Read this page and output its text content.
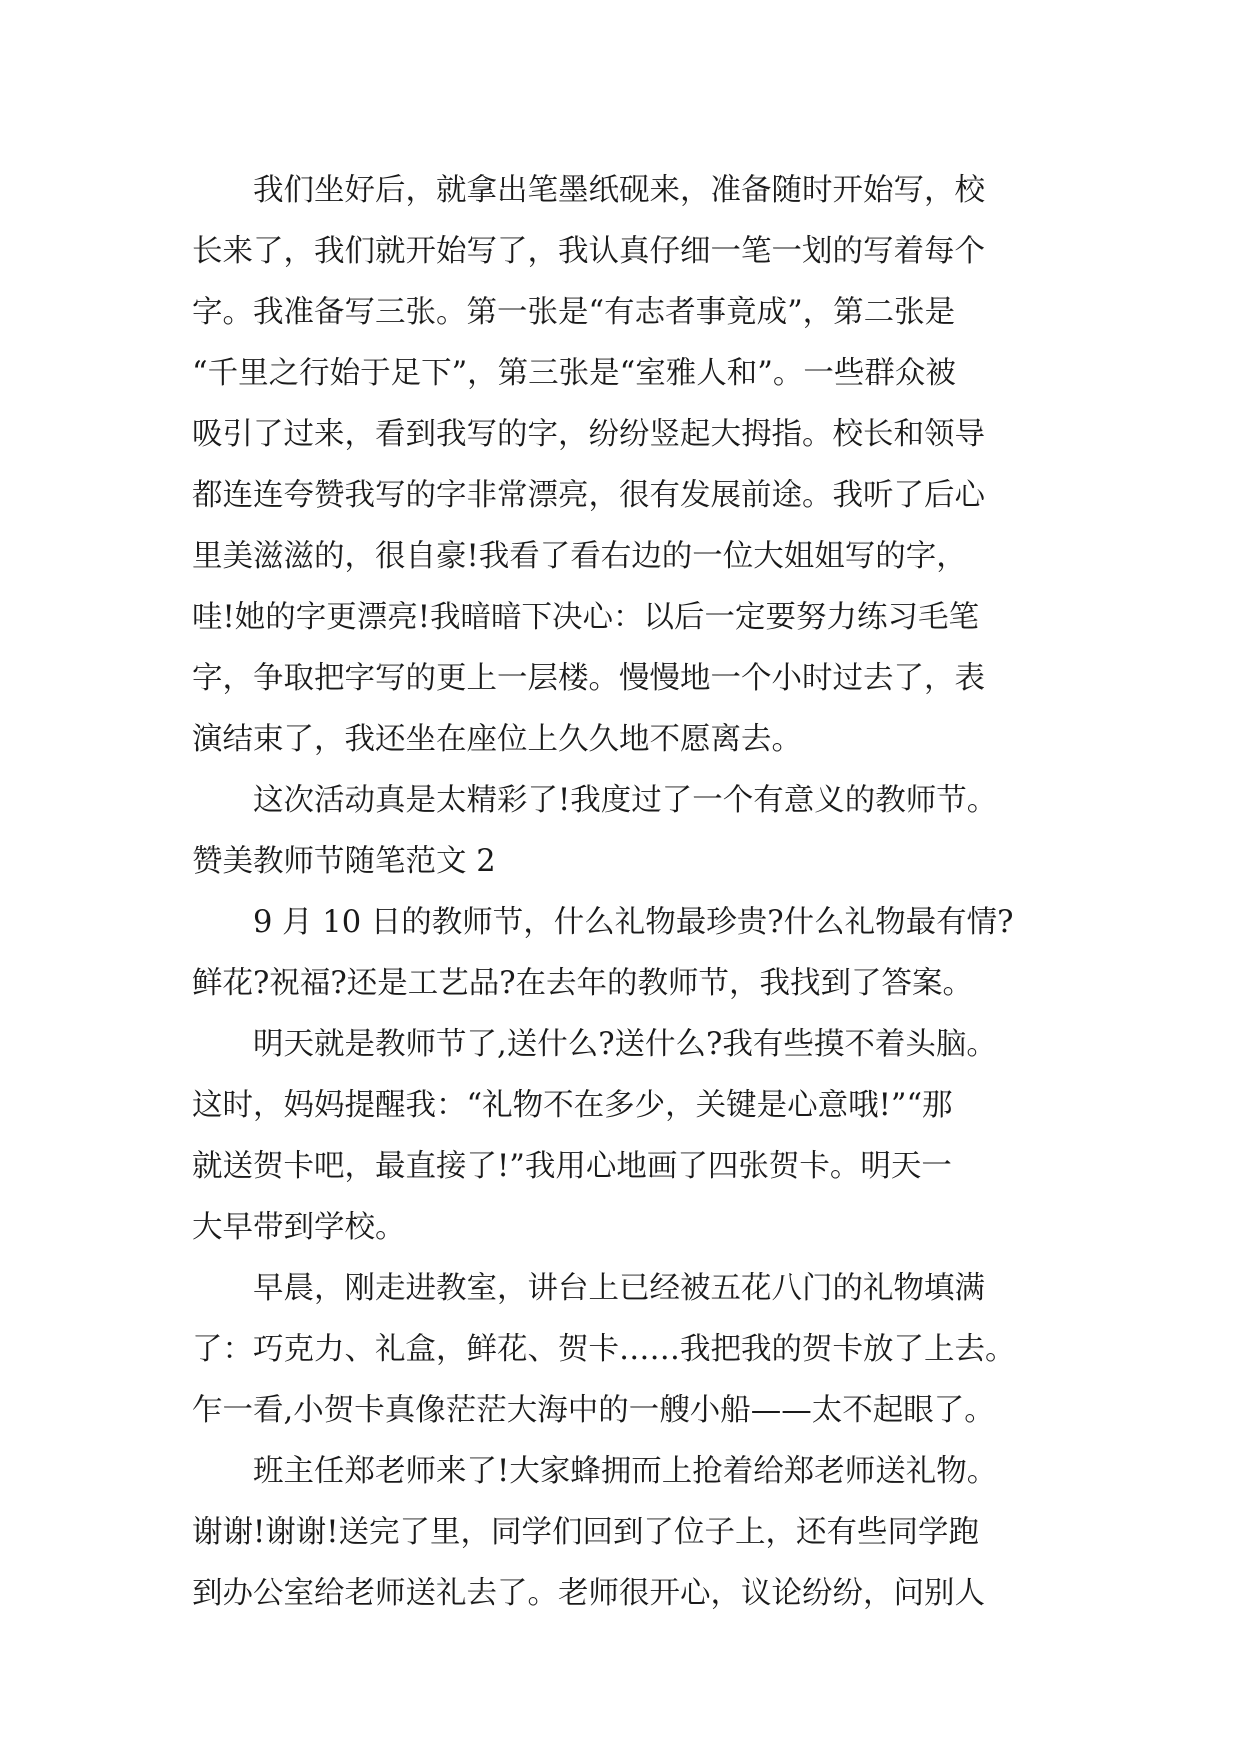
　　我们坐好后，就拿出笔墨纸砚来，准备随时开始写，校
长来了，我们就开始写了，我认真仔细一笔一划的写着每个
字。我准备写三张。第一张是“有志者事竟成”，第二张是
“千里之行始于足下”，第三张是“室雅人和”。一些群众被
吸引了过来，看到我写的字，纷纷竖起大拇指。校长和领导
都连连夸赞我写的字非常漂亮，很有发展前途。我听了后心
里美滋滋的，很自豪!我看了看右边的一位大姐姐写的字，
哇!她的字更漂亮!我暗暗下决心：以后一定要努力练习毛笔
字，争取把字写的更上一层楼。慢慢地一个小时过去了，表
演结束了，我还坐在座位上久久地不愿离去。
　　这次活动真是太精彩了!我度过了一个有意义的教师节。
赞美教师节随笔范文 2
　　9 月 10 日的教师节，什么礼物最珍贵?什么礼物最有情?
鲜花?祝福?还是工艺品?在去年的教师节，我找到了答案。
　　明天就是教师节了,送什么?送什么?我有些摸不着头脑。
这时，妈妈提醒我：“礼物不在多少，关键是心意哦!”“那
就送贺卡吧，最直接了!”我用心地画了四张贺卡。明天一
大早带到学校。
　　早晨，刚走进教室，讲台上已经被五花八门的礼物填满
了：巧克力、礼盒，鲜花、贺卡……我把我的贺卡放了上去。
乍一看,小贺卡真像茫茫大海中的一艘小船——太不起眼了。
　　班主任郑老师来了!大家蜂拥而上抢着给郑老师送礼物。
谢谢!谢谢!送完了里，同学们回到了位子上，还有些同学跑
到办公室给老师送礼去了。老师很开心，议论纷纷，问别人
